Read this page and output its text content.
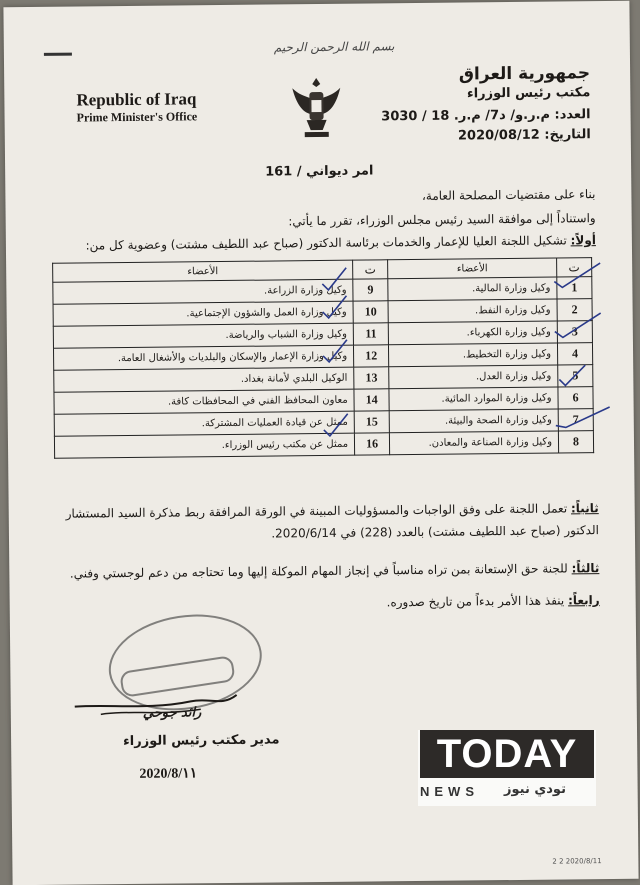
بسم الله الرحمن الرحيم
Republic of Iraq
Prime Minister's Office
جمهورية العراق
مكتب رئيس الوزراء
العدد: م.ر.و/ د7/ م.ر. 18 / 3030
التاريخ: 2020/08/12
امر ديواني / 161
بناء على مقتضيات المصلحة العامة،
واستناداً إلى موافقة السيد رئيس مجلس الوزراء، تقرر ما يأتي:
أولاً: تشكيل اللجنة العليا للإعمار والخدمات برئاسة الدكتور (صباح عبد اللطيف مشتت) وعضوية كل من:
ت	الأعضاء	ت	الأعضاء
1	وكيل وزارة المالية.	9	وكيل وزارة الزراعة.
2	وكيل وزارة النفط.	10	وكيل وزارة العمل والشؤون الإجتماعية.
3	وكيل وزارة الكهرباء.	11	وكيل وزارة الشباب والرياضة.
4	وكيل وزارة التخطيط.	12	وكيل وزارة الإعمار والإسكان والبلديات والأشغال العامة.
5	وكيل وزارة العدل.	13	الوكيل البلدي لأمانة بغداد.
6	وكيل وزارة الموارد المائية.	14	معاون المحافظ الفني في المحافظات كافة.
7	وكيل وزارة الصحة والبيئة.	15	ممثل عن قيادة العمليات المشتركة.
8	وكيل وزارة الصناعة والمعادن.	16	ممثل عن مكتب رئيس الوزراء.
ثانياً: تعمل اللجنة على وفق الواجبات والمسؤوليات المبينة في الورقة المرافقة ربط مذكرة السيد المستشار الدكتور (صباح عبد اللطيف مشتت) بالعدد (228) في 2020/6/14.
ثالثاً: للجنة حق الإستعانة بمن تراه مناسباً في إنجاز المهام الموكلة إليها وما تحتاجه من دعم لوجستي وفني.
رابعاً: ينفذ هذا الأمر بدءاً من تاريخ صدوره.
رائد جوحي
مدير مكتب رئيس الوزراء
2020/8/١١
2 2 2020/8/11
TODAY
NEWS تودي نيوز
